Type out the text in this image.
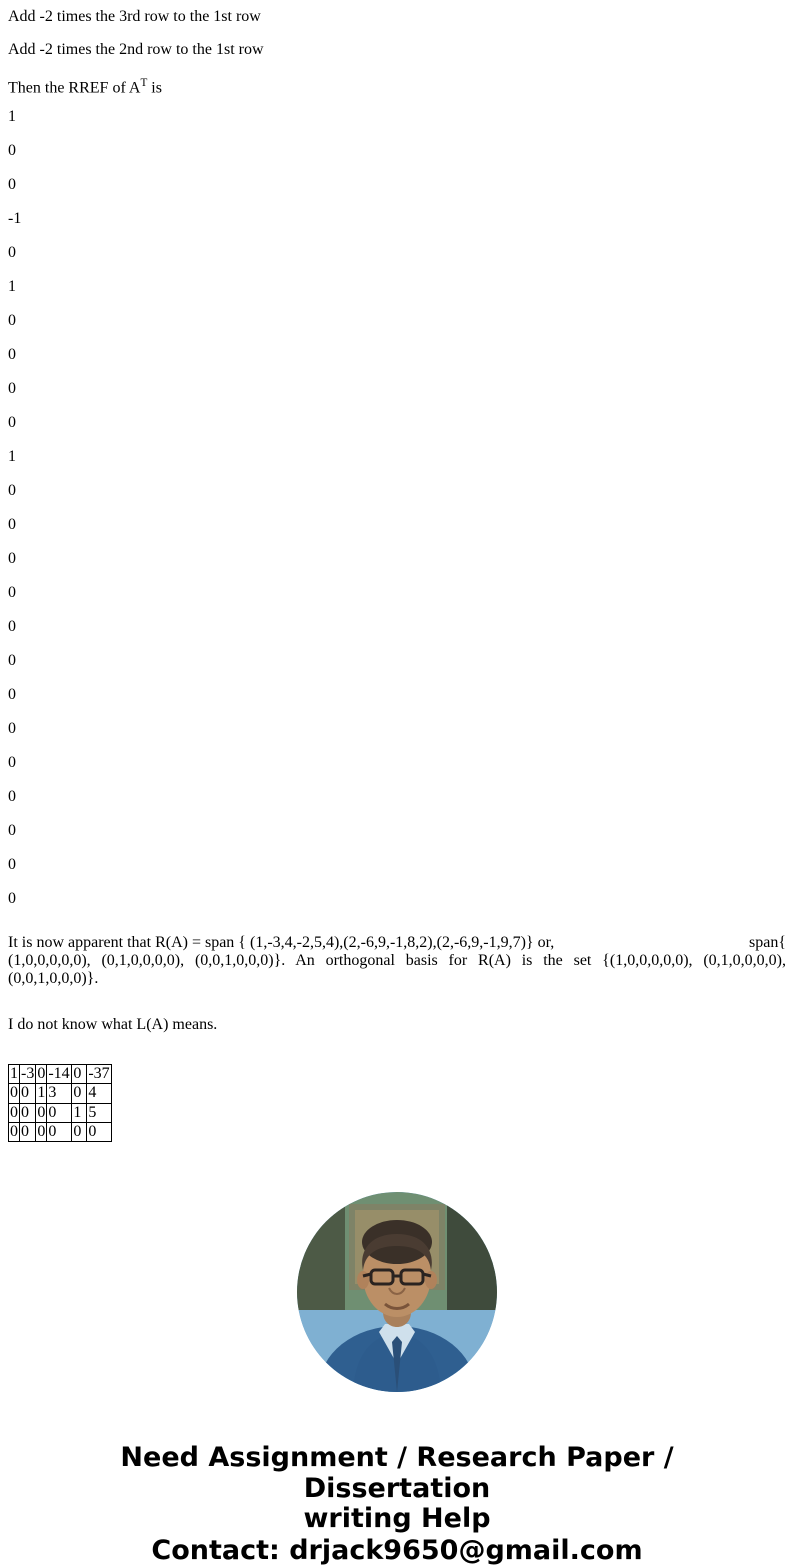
Add -2 times the 3rd row to the 1st row

Add -2 times the 2nd row to the 1st row

Then the RREF of $A^T$ is
1
0
0
-1
0
1
0
0
0
0
1
0
0
0
0
0
0
0
0
0
0
0
0
0
span{
It is now apparent that R(A) = span { (1,-3,4,-2,5,4),(2,-6,9,-1,8,2),(2,-6,9,-1,9,7)} or,
(1,0,0,0,0,0), (0,1,0,0,0,0), (0,0,1,0,0,0)}. An orthogonal basis for R(A) is the set {(1,0,0,0,0,0), (0,1,0,0,0,0), (0,0,1,0,0,0)}.
I do not know what L(A) means.
1	-3	0	-14	0	-37
0	0	1	3	0	4
0	0	0	0	1	5
0	0	0	0	0	0
Need Assignment / Research Paper / Dissertation
writing Help
Contact: drjack9650@gmail.com
